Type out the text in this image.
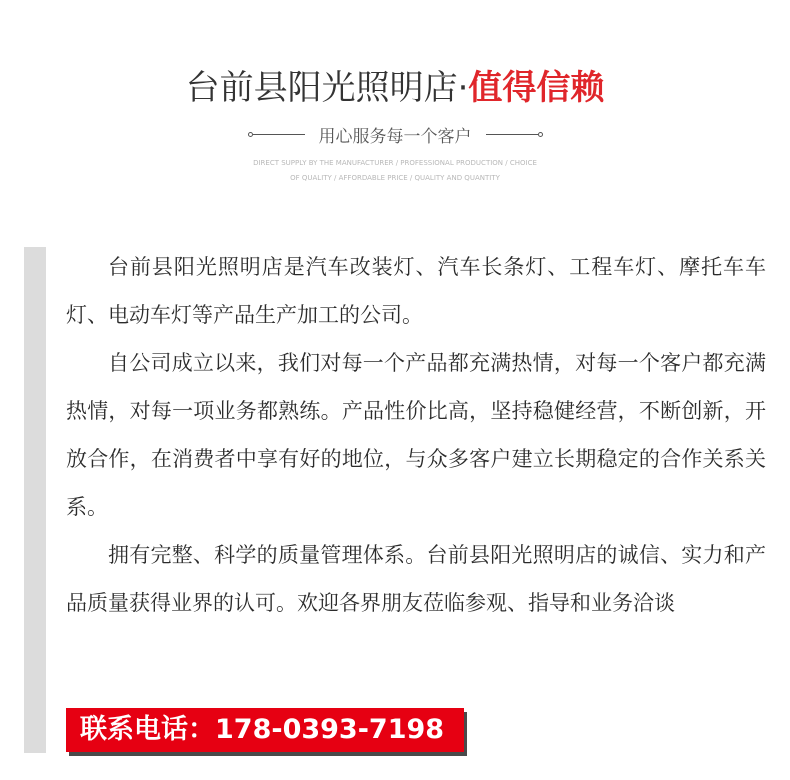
台前县阳光照明店·值得信赖
用心服务每一个客户
DIRECT SUPPLY BY THE MANUFACTURER / PROFESSIONAL PRODUCTION / CHOICE
OF QUALITY / AFFORDABLE PRICE / QUALITY AND QUANTITY

台前县阳光照明店是汽车改装灯、汽车长条灯、工程车灯、摩托车车灯、电动车灯等产品生产加工的公司。

自公司成立以来，我们对每一个产品都充满热情，对每一个客户都充满热情，对每一项业务都熟练。产品性价比高，坚持稳健经营，不断创新，开放合作，在消费者中享有好的地位，与众多客户建立长期稳定的合作关系关系。

拥有完整、科学的质量管理体系。台前县阳光照明店的诚信、实力和产品质量获得业界的认可。欢迎各界朋友莅临参观、指导和业务洽谈

联系电话：178-0393-7198
